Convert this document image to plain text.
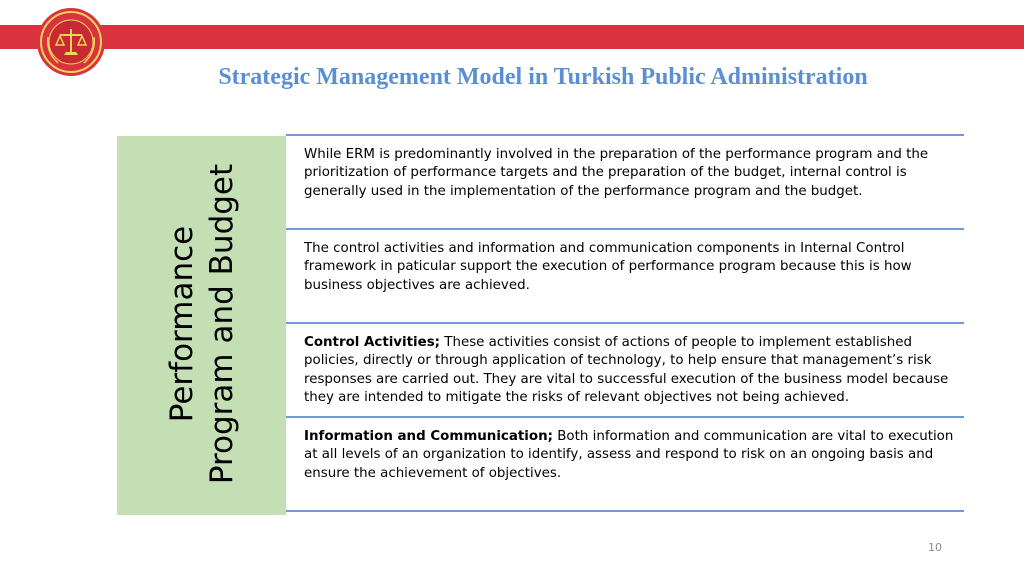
Strategic Management Model in Turkish Public Administration
Performance Program and Budget
While ERM is predominantly involved in the preparation of the performance program and the prioritization of performance targets and the preparation of the budget, internal control is generally used in the implementation of the performance program and the budget.
The control activities and information and communication components in Internal Control framework in paticular support the execution of performance program because this is how business objectives are achieved.
Control Activities; These activities consist of actions of people to implement established policies, directly or through application of technology, to help ensure that management’s risk responses are carried out. They are vital to successful execution of the business model because they are intended to mitigate the risks of relevant objectives not being achieved.
Information and Communication; Both information and communication are vital to execution at all levels of an organization to identify, assess and respond to risk on an ongoing basis and ensure the achievement of objectives.
10
